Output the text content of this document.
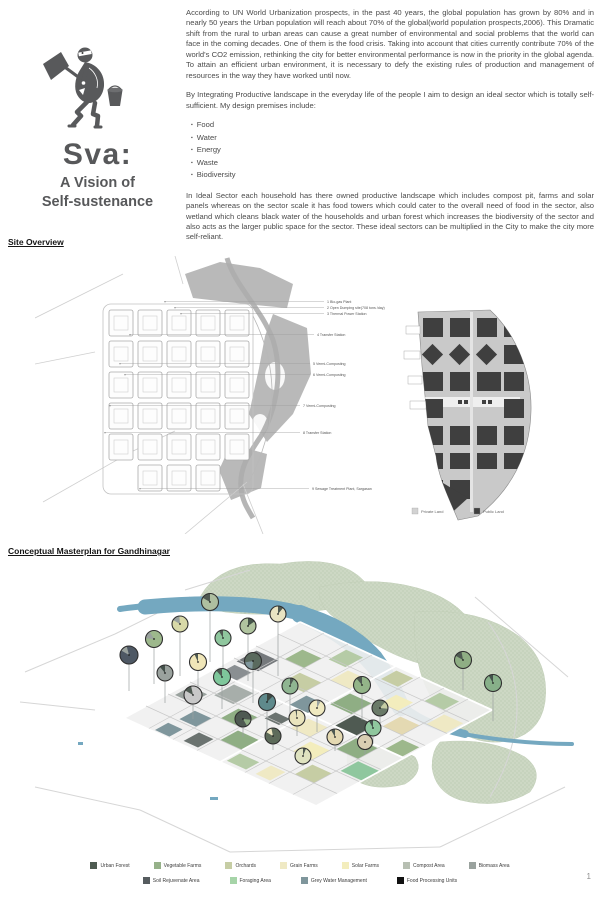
Sva:
A Vision of
Self-sustenance

According to UN World Urbanization prospects, in the past 40 years, the global population has grown by 80% and in nearly 50 years the Urban population will reach about 70% of the global(world population prospects,2006). This Dramatic shift from the rural to urban areas can cause a great number of environmental and social problems that the world can face in the coming decades. One of them is the food crisis. Taking into account that cities currently contribute 70% of the world's CO2 emission, rethinking the city for better environmental performance is now in the priority in the global agenda. To attain an efficient urban environment, it is necessary to defy the existing rules of production and management of resources in the way they have worked until now.

By Integrating Productive landscape in the everyday life of the people I aim to design an ideal sector which is totally self-sufficient. My design premises include:

▪ Food
▪ Water
▪ Energy
▪ Waste
▪ Biodiversity

In Ideal Sector each household has there owned productive landscape which includes compost pit, farms and solar panels whereas on the sector scale it has food towers which could cater to the overall need of food in the sector, also wetland which cleans black water of the households and urban forest which increases the biodiversity of the sector and also acts as the larger public space for the sector. These ideal sectors can be multiplied in the City to make the city more self-reliant.

Site Overview
Conceptual Masterplan for Gandhinagar
1 Bio-gas Plant
2 Open Dumping site(708 tons /day)
3 Thermal Power Station
4 Transfer Station
5 Vermi-Composting
6 Vermi-Composting
7 Vermi-Composting
8 Transfer Station
9 Sewage Treatment Plant, Sargasan
Private Land	Public Land
Urban Forest	Vegetable Farms	Orchards	Grain Farms	Solar Farms	Compost Area	Biomass Area
Soil Rejuvenate Area	Foraging Area	Grey Water Management	Food Processing Units	1
